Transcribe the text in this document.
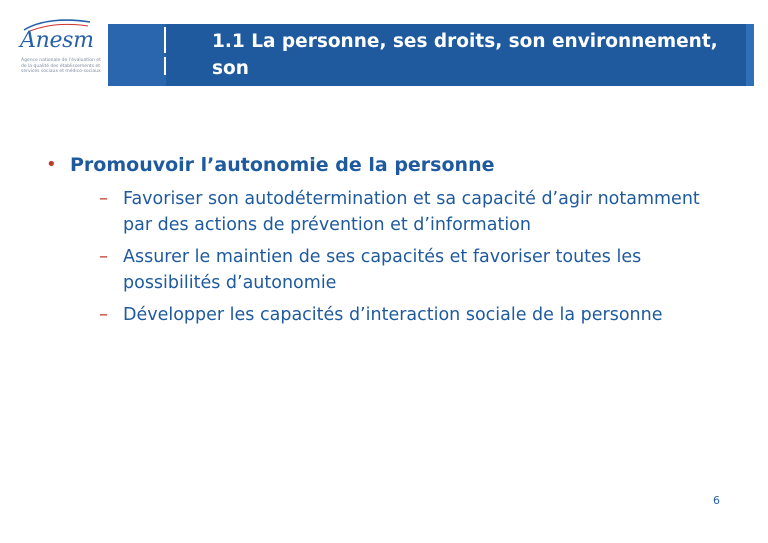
Anesm
Agence nationale de l'évaluation et de la qualité des établissements et services sociaux et médico-sociaux
1.1 La personne, ses droits, son environnement, son
projet
• Promouvoir l’autonomie de la personne
– Favoriser son autodétermination et sa capacité d’agir notamment par des actions de prévention et d’information
– Assurer le maintien de ses capacités et favoriser toutes les possibilités d’autonomie
– Développer les capacités d’interaction sociale de la personne
6
